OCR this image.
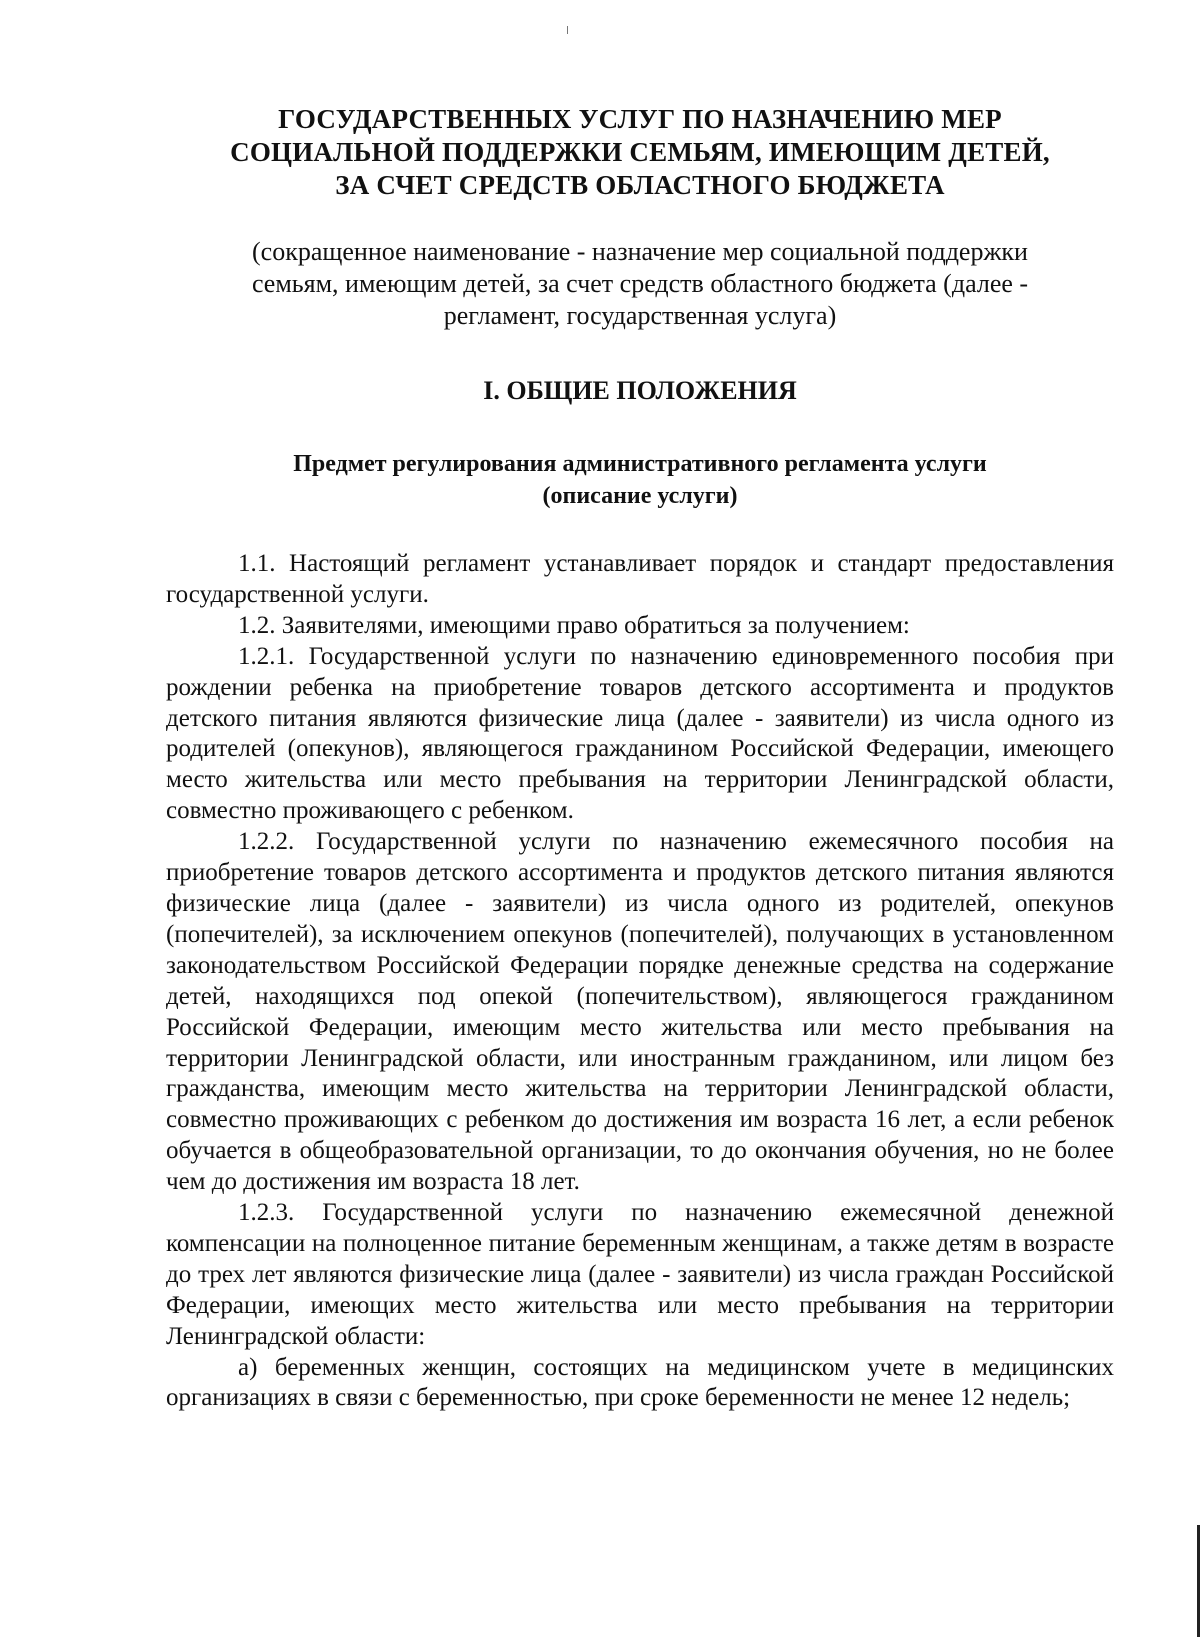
ГОСУДАРСТВЕННЫХ УСЛУГ ПО НАЗНАЧЕНИЮ МЕР
СОЦИАЛЬНОЙ ПОДДЕРЖКИ СЕМЬЯМ, ИМЕЮЩИМ ДЕТЕЙ,
ЗА СЧЕТ СРЕДСТВ ОБЛАСТНОГО БЮДЖЕТА

(сокращенное наименование - назначение мер социальной поддержки
семьям, имеющим детей, за счет средств областного бюджета (далее -
регламент, государственная услуга)

I. ОБЩИЕ ПОЛОЖЕНИЯ
Предмет регулирования административного регламента услуги
(описание услуги)

1.1. Настоящий регламент устанавливает порядок и стандарт предоставления государственной услуги.

1.2. Заявителями, имеющими право обратиться за получением:

1.2.1. Государственной услуги по назначению единовременного пособия при рождении ребенка на приобретение товаров детского ассортимента и продуктов детского питания являются физические лица (далее - заявители) из числа одного из родителей (опекунов), являющегося гражданином Российской Федерации, имеющего место жительства или место пребывания на территории Ленинградской области, совместно проживающего с ребенком.

1.2.2. Государственной услуги по назначению ежемесячного пособия на приобретение товаров детского ассортимента и продуктов детского питания являются физические лица (далее - заявители) из числа одного из родителей, опекунов (попечителей), за исключением опекунов (попечителей), получающих в установленном законодательством Российской Федерации порядке денежные средства на содержание детей, находящихся под опекой (попечительством), являющегося гражданином Российской Федерации, имеющим место жительства или место пребывания на территории Ленинградской области, или иностранным гражданином, или лицом без гражданства, имеющим место жительства на территории Ленинградской области, совместно проживающих с ребенком до достижения им возраста 16 лет, а если ребенок обучается в общеобразовательной организации, то до окончания обучения, но не более чем до достижения им возраста 18 лет.

1.2.3. Государственной услуги по назначению ежемесячной денежной компенсации на полноценное питание беременным женщинам, а также детям в возрасте до трех лет являются физические лица (далее - заявители) из числа граждан Российской Федерации, имеющих место жительства или место пребывания на территории Ленинградской области:

а) беременных женщин, состоящих на медицинском учете в медицинских организациях в связи с беременностью, при сроке беременности не менее 12 недель;
